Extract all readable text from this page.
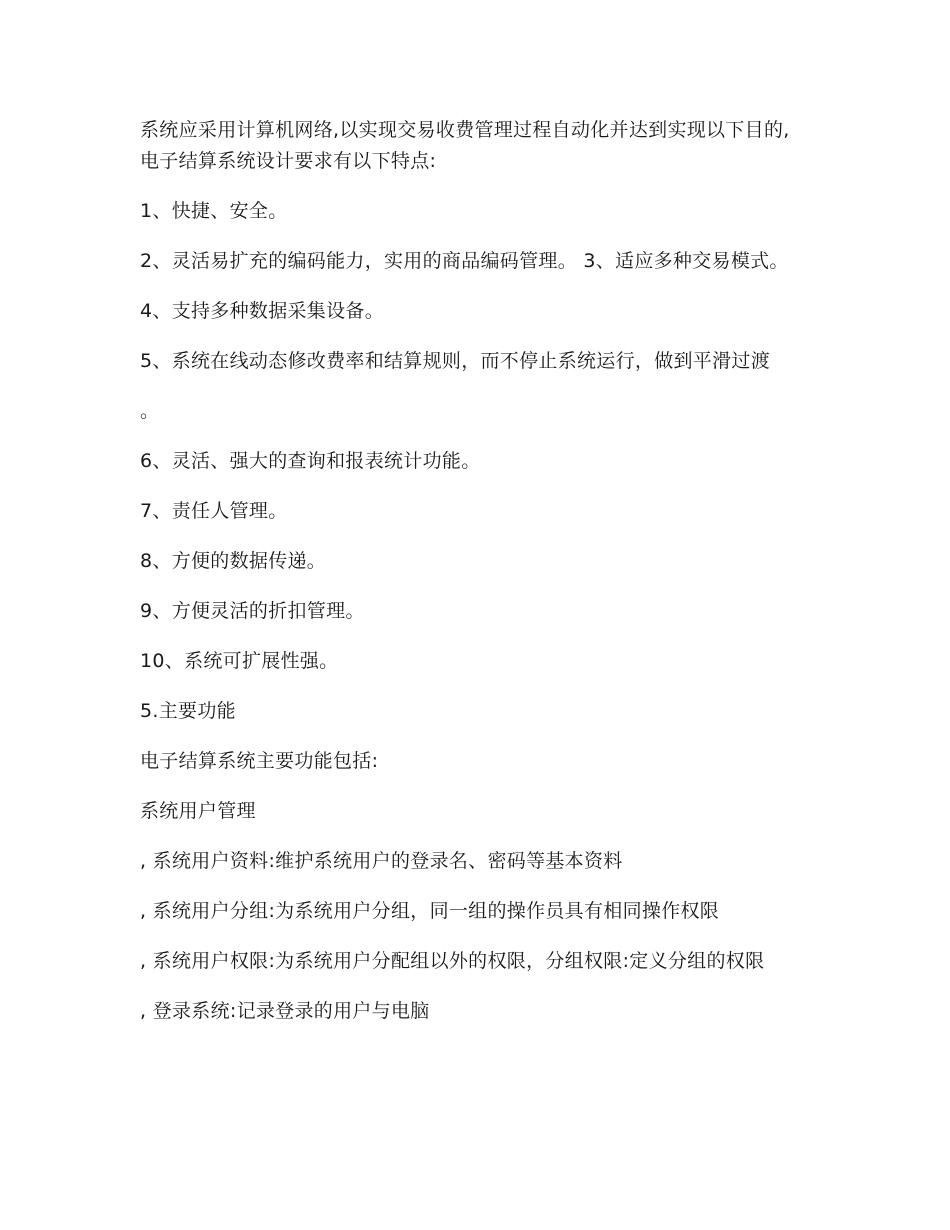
系统应采用计算机网络,以实现交易收费管理过程自动化并达到实现以下目的, 电子结算系统设计要求有以下特点:

1、快捷、安全。

2、灵活易扩充的编码能力，实用的商品编码管理。 3、适应多种交易模式。

4、支持多种数据采集设备。

5、系统在线动态修改费率和结算规则，而不停止系统运行，做到平滑过渡

。

6、灵活、强大的查询和报表统计功能。

7、责任人管理。

8、方便的数据传递。

9、方便灵活的折扣管理。

10、系统可扩展性强。

5.主要功能

电子结算系统主要功能包括:

系统用户管理

, 系统用户资料:维护系统用户的登录名、密码等基本资料

, 系统用户分组:为系统用户分组，同一组的操作员具有相同操作权限

, 系统用户权限:为系统用户分配组以外的权限，分组权限:定义分组的权限

, 登录系统:记录登录的用户与电脑
